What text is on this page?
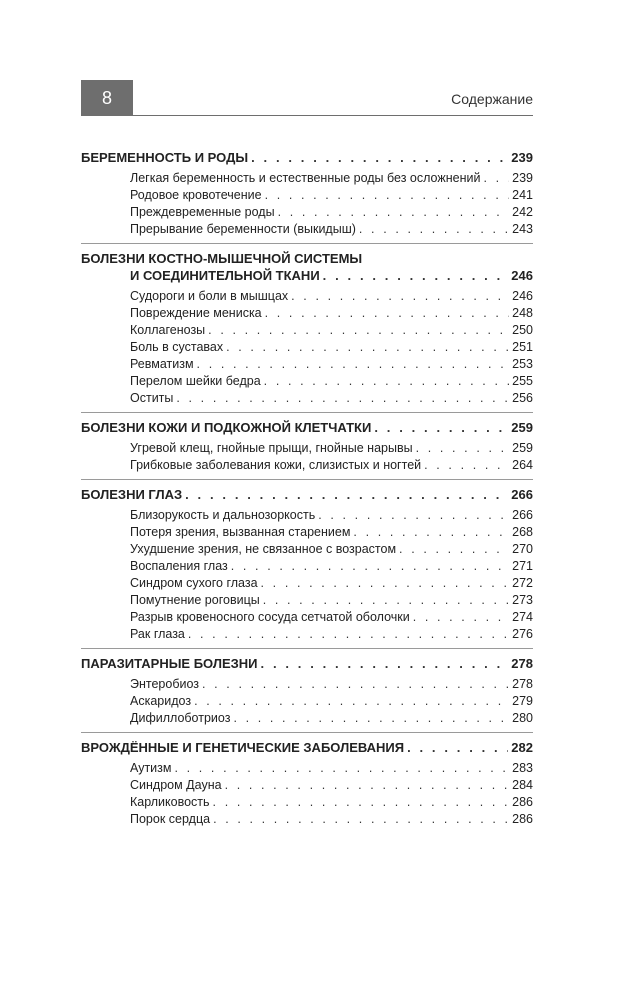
8	Содержание
БЕРЕМЕННОСТЬ И РОДЫ . . .	239
Легкая беременность и естественные роды без осложнений . . .	239
Родовое кровотечение . . .	241
Преждевременные роды . . .	242
Прерывание беременности (выкидыш) . . .	243
БОЛЕЗНИ КОСТНО-МЫШЕЧНОЙ СИСТЕМЫ
И СОЕДИНИТЕЛЬНОЙ ТКАНИ . . .	246
Судороги и боли в мышцах . . .	246
Повреждение мениска . . .	248
Коллагенозы . . .	250
Боль в суставах . . .	251
Ревматизм . . .	253
Перелом шейки бедра . . .	255
Оститы . . .	256
БОЛЕЗНИ КОЖИ И ПОДКОЖНОЙ КЛЕТЧАТКИ . . .	259
Угревой клещ, гнойные прыщи, гнойные нарывы . . .	259
Грибковые заболевания кожи, слизистых и ногтей . . .	264
БОЛЕЗНИ ГЛАЗ . . .	266
Близорукость и дальнозоркость . . .	266
Потеря зрения, вызванная старением . . .	268
Ухудшение зрения, не связанное с возрастом . . .	270
Воспаления глаз . . .	271
Синдром сухого глаза . . .	272
Помутнение роговицы . . .	273
Разрыв кровеносного сосуда сетчатой оболочки . . .	274
Рак глаза . . .	276
ПАРАЗИТАРНЫЕ БОЛЕЗНИ . . .	278
Энтеробиоз . . .	278
Аскаридоз . . .	279
Дифиллоботриоз . . .	280
ВРОЖДЁННЫЕ И ГЕНЕТИЧЕСКИЕ ЗАБОЛЕВАНИЯ . . .	282
Аутизм . . .	283
Синдром Дауна . . .	284
Карликовость . . .	286
Порок сердца . . .	286
